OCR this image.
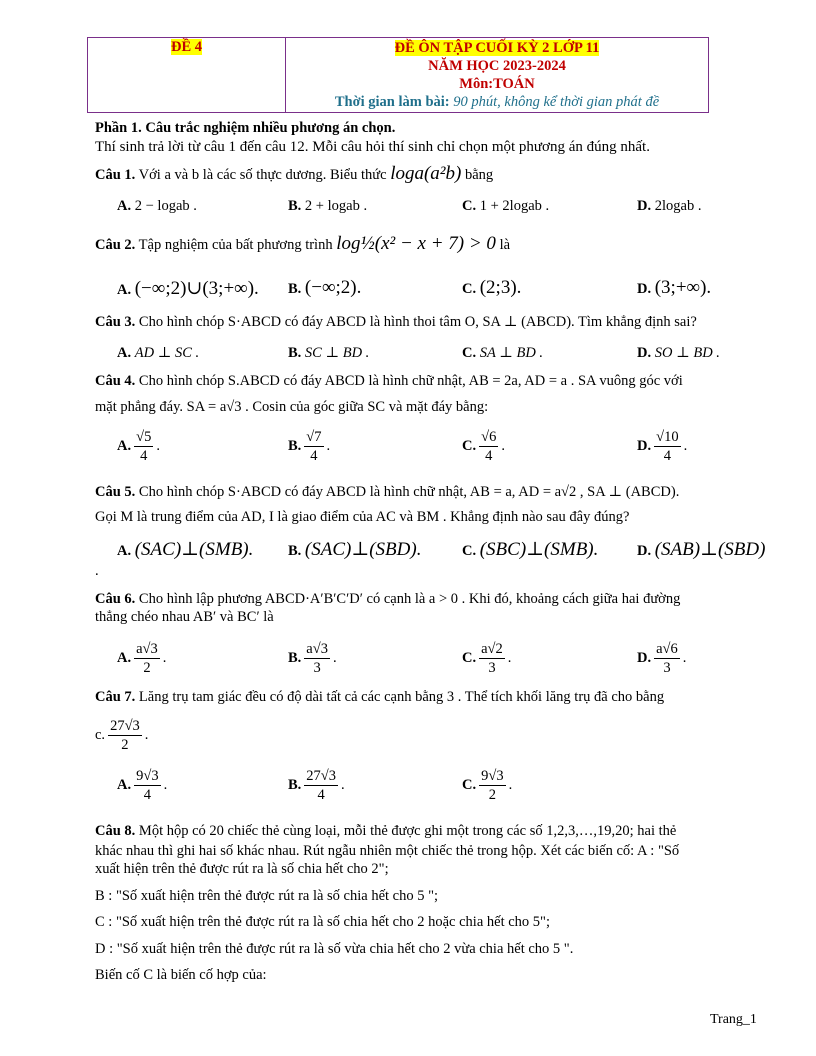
ĐỀ 4	ĐỀ ÔN TẬP CUỐI KỲ 2 LỚP 11
NĂM HỌC 2023-2024
Môn:TOÁN
Thời gian làm bài: 90 phút, không kể thời gian phát đề
Phần 1. Câu trắc nghiệm nhiều phương án chọn.
Thí sinh trả lời từ câu 1 đến câu 12. Mỗi câu hỏi thí sinh chỉ chọn một phương án đúng nhất.
Câu 1. Với a và b là các số thực dương. Biểu thức loga(a²b) bằng
A. 2 − logab .	B. 2 + logab .	C. 1 + 2logab .	D. 2logab .
Câu 2. Tập nghiệm của bất phương trình log½(x² − x + 7) > 0 là
A. (−∞;2)∪(3;+∞). B. (−∞;2).	C. (2;3).	D. (3;+∞).
Câu 3. Cho hình chóp S·ABCD có đáy ABCD là hình thoi tâm O, SA ⊥ (ABCD). Tìm khẳng định sai?
A. AD ⊥ SC .	B. SC ⊥ BD .	C. SA ⊥ BD .	D. SO ⊥ BD .
Câu 4. Cho hình chóp S.ABCD có đáy ABCD là hình chữ nhật, AB = 2a, AD = a . SA vuông góc với
mặt phẳng đáy. SA = a√3 . Cosin của góc giữa SC và mặt đáy bằng:
A. $\frac{√5}{4}$ .	B. $\frac{√7}{4}$ .	C. $\frac{√6}{4}$ .	D. $\frac{√10}{4}$ .
Câu 5. Cho hình chóp S·ABCD có đáy ABCD là hình chữ nhật, AB = a, AD = a√2 , SA ⊥ (ABCD).
Gọi M là trung điểm của AD, I là giao điểm của AC và BM . Khẳng định nào sau đây đúng?
A. (SAC)⊥(SMB). B. (SAC)⊥(SBD).	C. (SBC)⊥(SMB).	D. (SAB)⊥(SBD)
.
Câu 6. Cho hình lập phương ABCD·A′B′C′D′ có cạnh là a > 0 . Khi đó, khoảng cách giữa hai đường
thẳng chéo nhau AB′ và BC′ là
A. $\frac{a√3}{2}$ .	B. $\frac{a√3}{3}$ .	C. $\frac{a√2}{3}$ .	D. $\frac{a√6}{3}$ .
Câu 7. Lăng trụ tam giác đều có độ dài tất cả các cạnh bằng 3 . Thể tích khối lăng trụ đã cho bằng
c. $\frac{27√3}{2}$ .
A. $\frac{9√3}{4}$ .	B. $\frac{27√3}{4}$ .	C. $\frac{9√3}{2}$ .
Câu 8. Một hộp có 20 chiếc thẻ cùng loại, mỗi thẻ được ghi một trong các số 1,2,3,…,19,20; hai thẻ
khác nhau thì ghi hai số khác nhau. Rút ngẫu nhiên một chiếc thẻ trong hộp. Xét các biến cố: A : "Số
xuất hiện trên thẻ được rút ra là số chia hết cho 2";
B : "Số xuất hiện trên thẻ được rút ra là số chia hết cho 5 ";
C : "Số xuất hiện trên thẻ được rút ra là số chia hết cho 2 hoặc chia hết cho 5";
D : "Số xuất hiện trên thẻ được rút ra là số vừa chia hết cho 2 vừa chia hết cho 5 ".
Biến cố C là biến cố hợp của:
Trang_1
